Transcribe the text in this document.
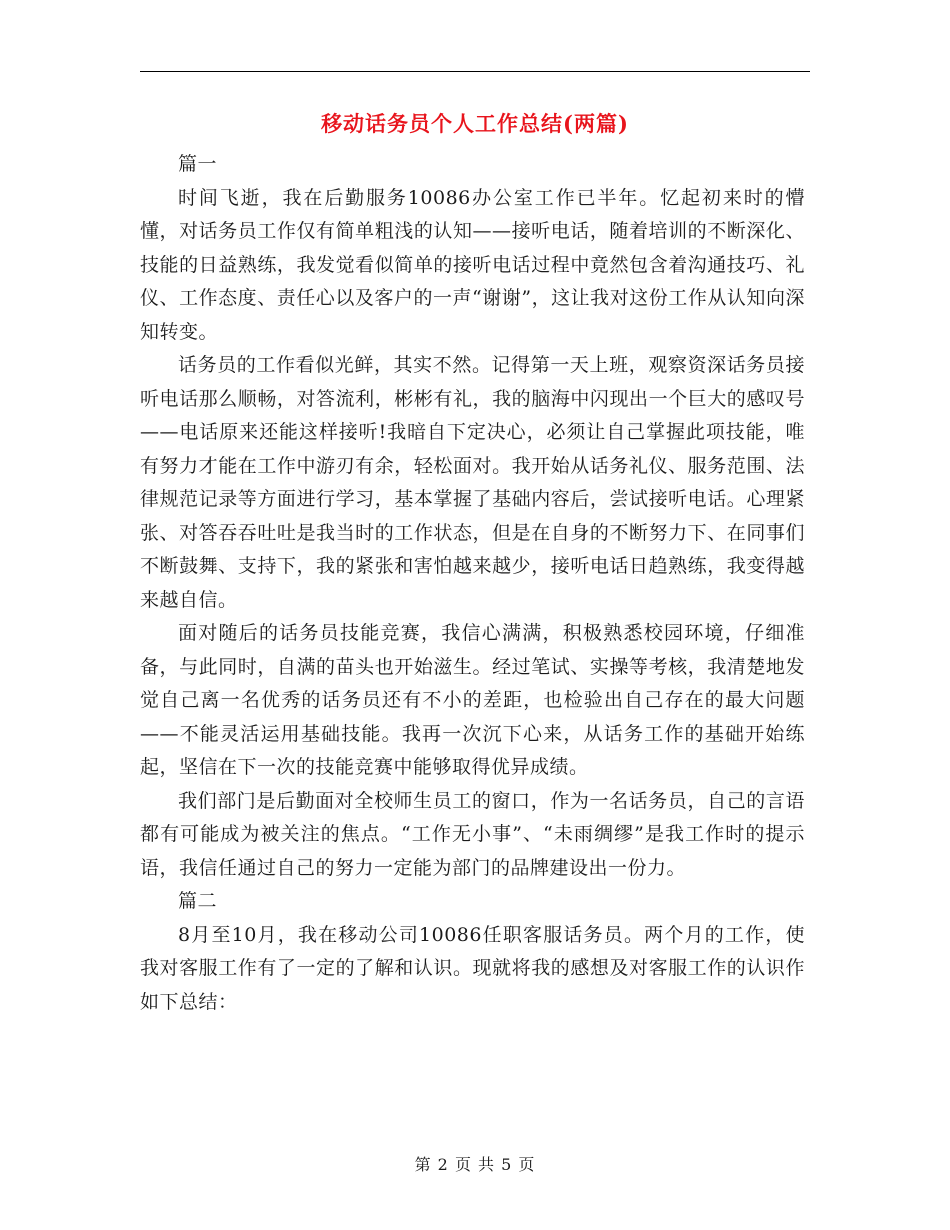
移动话务员个人工作总结(两篇)

篇一

时间飞逝，我在后勤服务10086办公室工作已半年。忆起初来时的懵懂，对话务员工作仅有简单粗浅的认知——接听电话，随着培训的不断深化、技能的日益熟练，我发觉看似简单的接听电话过程中竟然包含着沟通技巧、礼仪、工作态度、责任心以及客户的一声“谢谢”，这让我对这份工作从认知向深知转变。

话务员的工作看似光鲜，其实不然。记得第一天上班，观察资深话务员接听电话那么顺畅，对答流利，彬彬有礼，我的脑海中闪现出一个巨大的感叹号——电话原来还能这样接听!我暗自下定决心，必须让自己掌握此项技能，唯有努力才能在工作中游刃有余，轻松面对。我开始从话务礼仪、服务范围、法律规范记录等方面进行学习，基本掌握了基础内容后，尝试接听电话。心理紧张、对答吞吞吐吐是我当时的工作状态，但是在自身的不断努力下、在同事们不断鼓舞、支持下，我的紧张和害怕越来越少，接听电话日趋熟练，我变得越来越自信。

面对随后的话务员技能竞赛，我信心满满，积极熟悉校园环境，仔细准备，与此同时，自满的苗头也开始滋生。经过笔试、实操等考核，我清楚地发觉自己离一名优秀的话务员还有不小的差距，也检验出自己存在的最大问题——不能灵活运用基础技能。我再一次沉下心来，从话务工作的基础开始练起，坚信在下一次的技能竞赛中能够取得优异成绩。

我们部门是后勤面对全校师生员工的窗口，作为一名话务员，自己的言语都有可能成为被关注的焦点。“工作无小事”、“未雨绸缪”是我工作时的提示语，我信任通过自己的努力一定能为部门的品牌建设出一份力。

篇二

8月至10月，我在移动公司10086任职客服话务员。两个月的工作，使我对客服工作有了一定的了解和认识。现就将我的感想及对客服工作的认识作如下总结：

第 2 页 共 5 页
